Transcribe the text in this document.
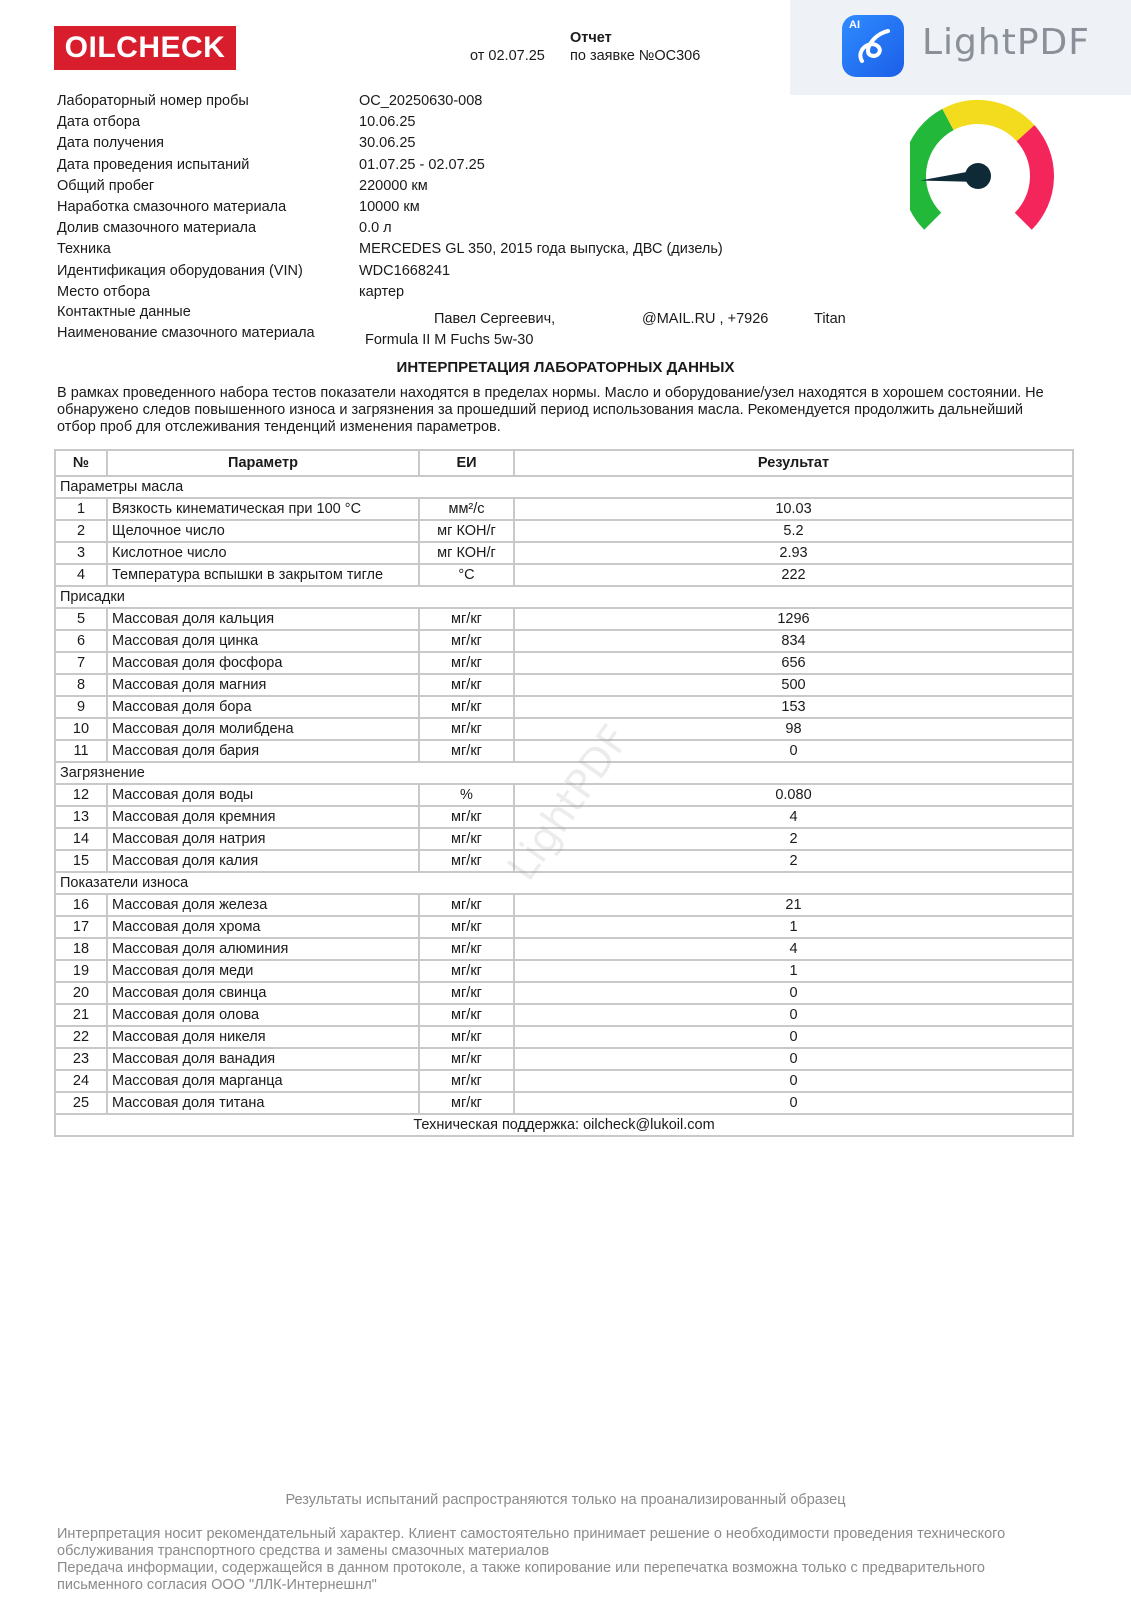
OILCHECK	Отчет
от 02.07.25 по заявке №OC306
AI LightPDF
Лабораторный номер пробы	OC_20250630-008
Дата отбора	10.06.25
Дата получения	30.06.25
Дата проведения испытаний	01.07.25 - 02.07.25
Общий пробег	220000 км
Наработка смазочного материала	10000 км
Долив смазочного материала	0.0 л
Техника	MERCEDES GL 350, 2015 года выпуска, ДВС (дизель)
Идентификация оборудования (VIN)	WDC1668241
Место отбора	картер
Контактные данные	Павел Сергеевич,	@MAIL.RU , +7926	Titan
Наименование смазочного материала	Formula II M Fuchs 5w-30
ИНТЕРПРЕТАЦИЯ ЛАБОРАТОРНЫХ ДАННЫХ
В рамках проведенного набора тестов показатели находятся в пределах нормы. Масло и оборудование/узел находятся в хорошем состоянии. Не обнаружено следов повышенного износа и загрязнения за прошедший период использования масла. Рекомендуется продолжить дальнейший отбор проб для отслеживания тенденций изменения параметров.
№	Параметр	ЕИ	Результат
Параметры масла			
1	Вязкость кинематическая при 100 °С	мм²/с	10.03
2	Щелочное число	мг КОН/г	5.2
3	Кислотное число	мг КОН/г	2.93
4	Температура вспышки в закрытом тигле	°C	222
Присадки			
5	Массовая доля кальция	мг/кг	1296
6	Массовая доля цинка	мг/кг	834
7	Массовая доля фосфора	мг/кг	656
8	Массовая доля магния	мг/кг	500
9	Массовая доля бора	мг/кг	153
10	Массовая доля молибдена	мг/кг	98
11	Массовая доля бария	мг/кг	0
Загрязнение			
12	Массовая доля воды	%	0.080
13	Массовая доля кремния	мг/кг	4
14	Массовая доля натрия	мг/кг	2
15	Массовая доля калия	мг/кг	2
Показатели износа			
16	Массовая доля железа	мг/кг	21
17	Массовая доля хрома	мг/кг	1
18	Массовая доля алюминия	мг/кг	4
19	Массовая доля меди	мг/кг	1
20	Массовая доля свинца	мг/кг	0
21	Массовая доля олова	мг/кг	0
22	Массовая доля никеля	мг/кг	0
23	Массовая доля ванадия	мг/кг	0
24	Массовая доля марганца	мг/кг	0
25	Массовая доля титана	мг/кг	0
Техническая поддержка: oilcheck@lukoil.com			
LightPDF
Результаты испытаний распространяются только на проанализированный образец
Интерпретация носит рекомендательный характер. Клиент самостоятельно принимает решение о необходимости проведения технического обслуживания транспортного средства и замены смазочных материалов
Передача информации, содержащейся в данном протоколе, а также копирование или перепечатка возможна только с предварительного письменного согласия ООО "ЛЛК-Интернешнл"
